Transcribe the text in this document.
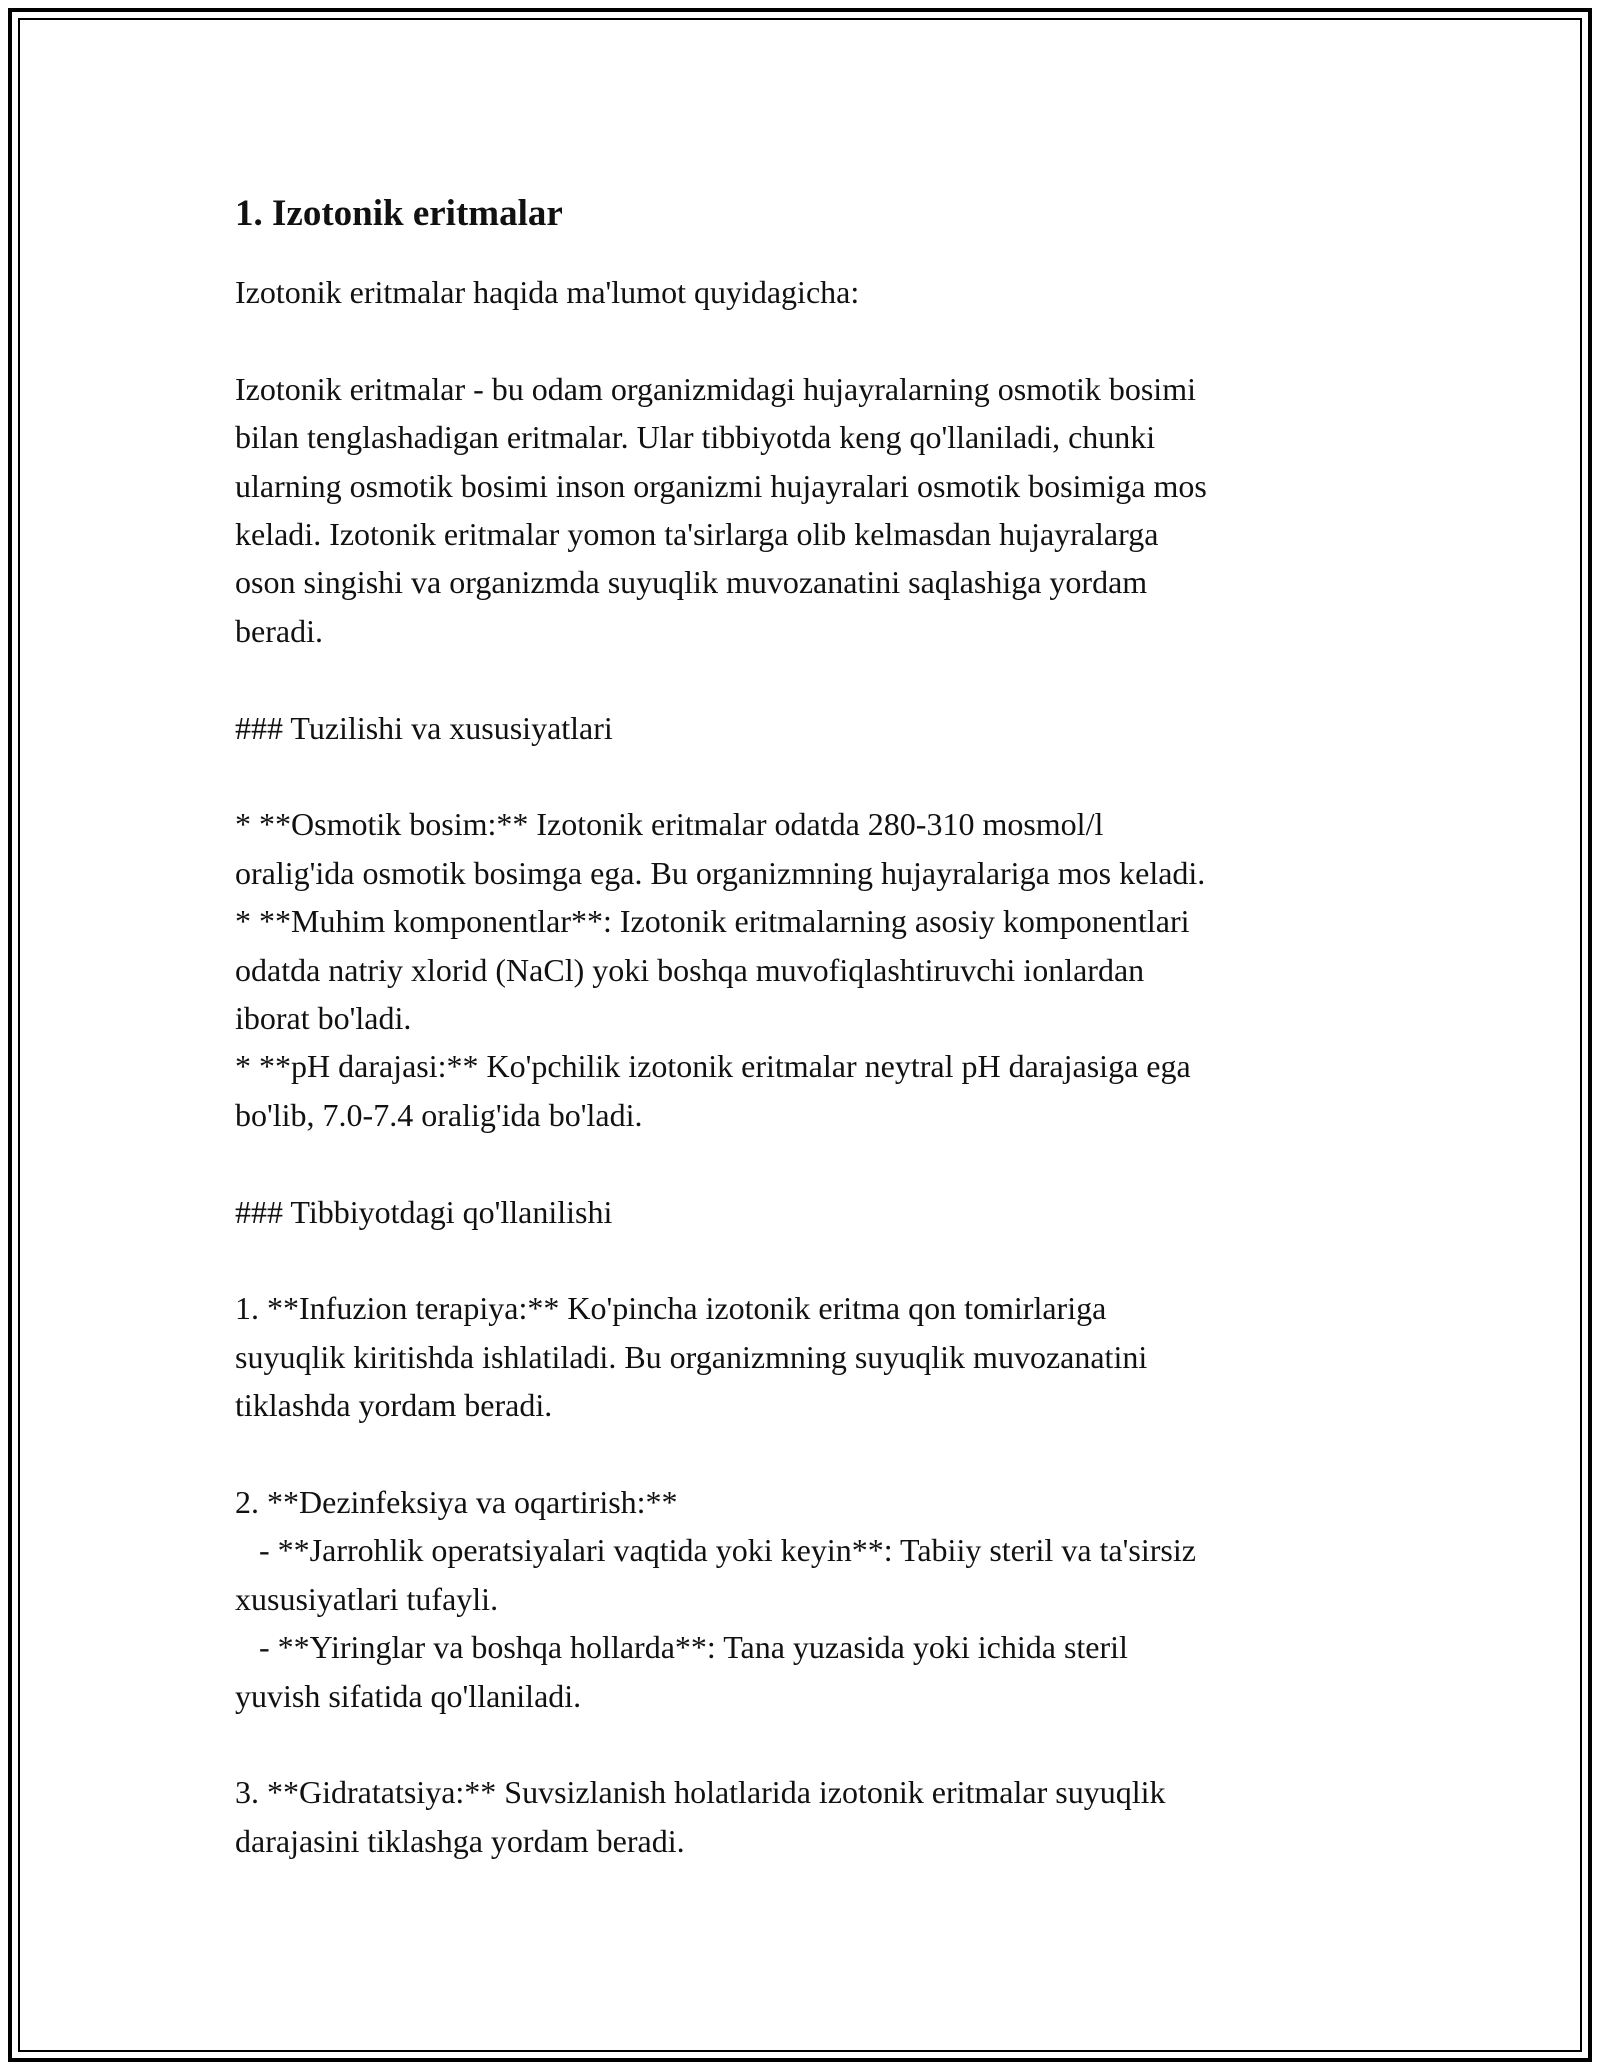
1. Izotonik eritmalar

Izotonik eritmalar haqida ma'lumot quyidagicha:

Izotonik eritmalar - bu odam organizmidagi hujayralarning osmotik bosimi
bilan tenglashadigan eritmalar. Ular tibbiyotda keng qo'llaniladi, chunki
ularning osmotik bosimi inson organizmi hujayralari osmotik bosimiga mos
keladi. Izotonik eritmalar yomon ta'sirlarga olib kelmasdan hujayralarga
oson singishi va organizmda suyuqlik muvozanatini saqlashiga yordam
beradi.

### Tuzilishi va xususiyatlari

* **Osmotik bosim:** Izotonik eritmalar odatda 280-310 mosmol/l
oralig'ida osmotik bosimga ega. Bu organizmning hujayralariga mos keladi.
* **Muhim komponentlar**: Izotonik eritmalarning asosiy komponentlari
odatda natriy xlorid (NaCl) yoki boshqa muvofiqlashtiruvchi ionlardan
iborat bo'ladi.
* **pH darajasi:** Ko'pchilik izotonik eritmalar neytral pH darajasiga ega
bo'lib, 7.0-7.4 oralig'ida bo'ladi.

### Tibbiyotdagi qo'llanilishi

1. **Infuzion terapiya:** Ko'pincha izotonik eritma qon tomirlariga
suyuqlik kiritishda ishlatiladi. Bu organizmning suyuqlik muvozanatini
tiklashda yordam beradi.

2. **Dezinfeksiya va oqartirish:**
- **Jarrohlik operatsiyalari vaqtida yoki keyin**: Tabiiy steril va ta'sirsiz
xususiyatlari tufayli.
- **Yiringlar va boshqa hollarda**: Tana yuzasida yoki ichida steril
yuvish sifatida qo'llaniladi.

3. **Gidratatsiya:** Suvsizlanish holatlarida izotonik eritmalar suyuqlik
darajasini tiklashga yordam beradi.
